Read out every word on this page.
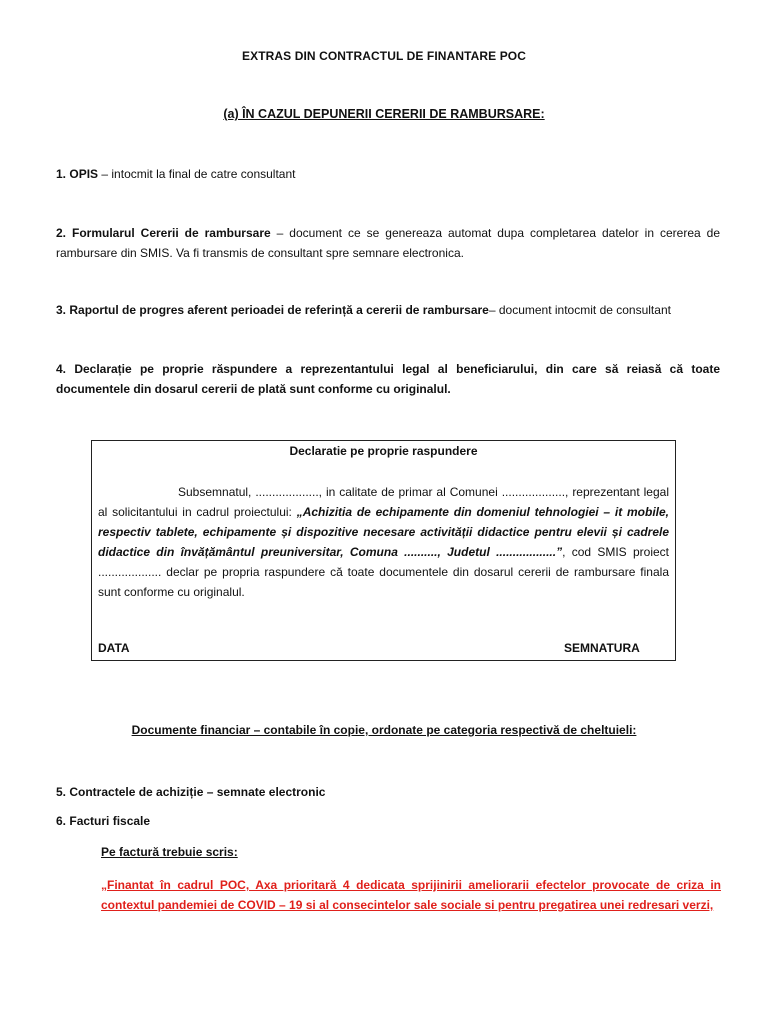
EXTRAS DIN CONTRACTUL DE FINANTARE POC
(a) ÎN CAZUL DEPUNERII CERERII DE RAMBURSARE:
1. OPIS – intocmit la final de catre consultant
2. Formularul Cererii de rambursare – document ce se genereaza automat dupa completarea datelor in cererea de rambursare din SMIS. Va fi transmis de consultant spre semnare electronica.
3. Raportul de progres aferent perioadei de referință a cererii de rambursare– document intocmit de consultant
4. Declarație pe proprie răspundere a reprezentantului legal al beneficiarului, din care să reiasă că toate documentele din dosarul cererii de plată sunt conforme cu originalul.
Declaratie pe proprie raspundere
Subsemnatul, ..................., in calitate de primar al Comunei ..................., reprezentant legal al solicitantului in cadrul proiectului: „Achizitia de echipamente din domeniul tehnologiei – it mobile, respectiv tablete, echipamente și dispozitive necesare activității didactice pentru elevii și cadrele didactice din învățământul preuniversitar, Comuna .........., Judetul ..................”, cod SMIS proiect ................... declar pe propria raspundere că toate documentele din dosarul cererii de rambursare finala sunt conforme cu originalul.
DATA	SEMNATURA
Documente financiar – contabile în copie, ordonate pe categoria respectivă de cheltuieli:
5. Contractele de achiziție – semnate electronic
6. Facturi fiscale
Pe factură trebuie scris:
„Finantat în cadrul POC, Axa prioritară 4 dedicata sprijinirii ameliorarii efectelor provocate de criza in contextul pandemiei de COVID – 19 si al consecintelor sale sociale si pentru pregatirea unei redresari verzi,
